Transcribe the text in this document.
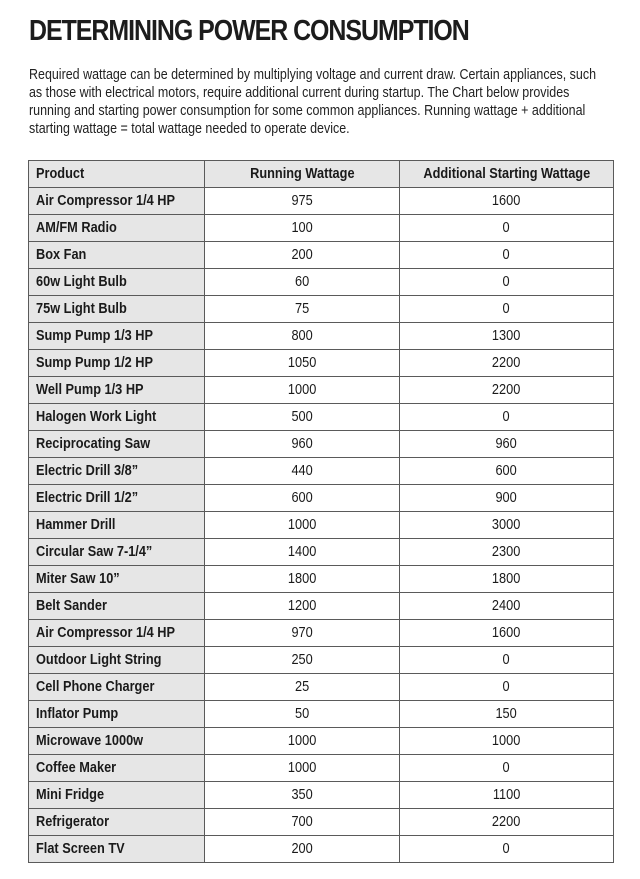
DETERMINING POWER CONSUMPTION

Required wattage can be determined by multiplying voltage and current draw. Certain appliances, such as those with electrical motors, require additional current during startup. The Chart below provides running and starting power consumption for some common appliances. Running wattage + additional starting wattage = total wattage needed to operate device.

Product	Running Wattage	Additional Starting Wattage
Air Compressor 1/4 HP	975	1600
AM/FM Radio	100	0
Box Fan	200	0
60w Light Bulb	60	0
75w Light Bulb	75	0
Sump Pump 1/3 HP	800	1300
Sump Pump 1/2 HP	1050	2200
Well Pump 1/3 HP	1000	2200
Halogen Work Light	500	0
Reciprocating Saw	960	960
Electric Drill 3/8”	440	600
Electric Drill 1/2”	600	900
Hammer Drill	1000	3000
Circular Saw 7-1/4”	1400	2300
Miter Saw 10”	1800	1800
Belt Sander	1200	2400
Air Compressor 1/4 HP	970	1600
Outdoor Light String	250	0
Cell Phone Charger	25	0
Inflator Pump	50	150
Microwave 1000w	1000	1000
Coffee Maker	1000	0
Mini Fridge	350	1100
Refrigerator	700	2200
Flat Screen TV	200	0
